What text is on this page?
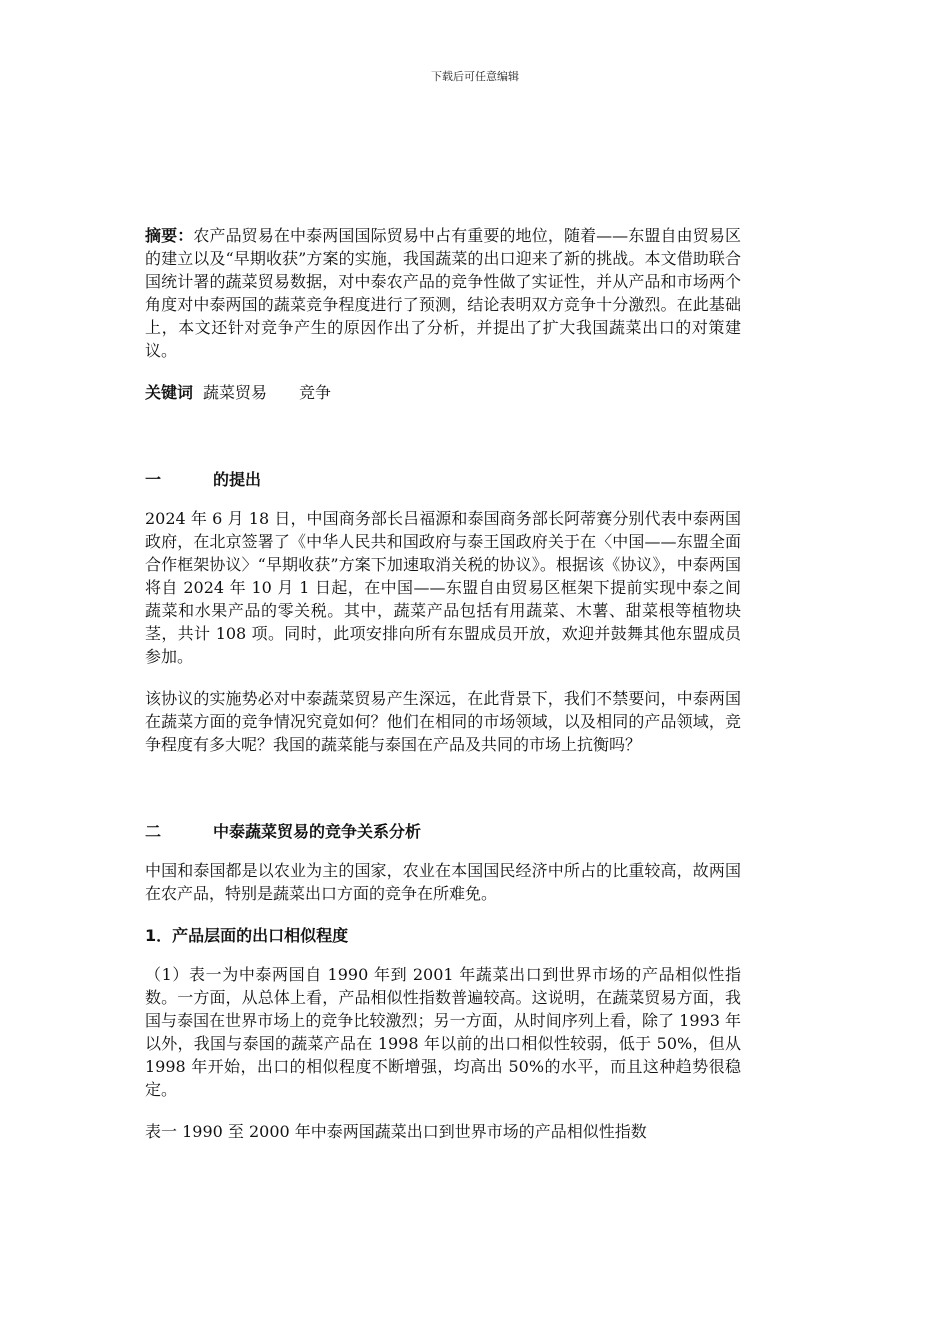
下载后可任意编辑

摘要：农产品贸易在中泰两国国际贸易中占有重要的地位，随着——东盟自由贸易区的建立以及“早期收获”方案的实施，我国蔬菜的出口迎来了新的挑战。本文借助联合国统计署的蔬菜贸易数据，对中泰农产品的竞争性做了实证性，并从产品和市场两个角度对中泰两国的蔬菜竞争程度进行了预测，结论表明双方竞争十分激烈。在此基础上，本文还针对竞争产生的原因作出了分析，并提出了扩大我国蔬菜出口的对策建议。

关键词 蔬菜贸易 竞争

一	的提出

2024 年 6 月 18 日，中国商务部长吕福源和泰国商务部长阿蒂赛分别代表中泰两国政府，在北京签署了《中华人民共和国政府与泰王国政府关于在〈中国——东盟全面合作框架协议〉“早期收获”方案下加速取消关税的协议》。根据该《协议》，中泰两国将自 2024 年 10 月 1 日起，在中国——东盟自由贸易区框架下提前实现中泰之间蔬菜和水果产品的零关税。其中，蔬菜产品包括有用蔬菜、木薯、甜菜根等植物块茎，共计 108 项。同时，此项安排向所有东盟成员开放，欢迎并鼓舞其他东盟成员参加。

该协议的实施势必对中泰蔬菜贸易产生深远，在此背景下，我们不禁要问，中泰两国在蔬菜方面的竞争情况究竟如何？他们在相同的市场领域，以及相同的产品领域，竞争程度有多大呢？我国的蔬菜能与泰国在产品及共同的市场上抗衡吗？

二	中泰蔬菜贸易的竞争关系分析

中国和泰国都是以农业为主的国家，农业在本国国民经济中所占的比重较高，故两国在农产品，特别是蔬菜出口方面的竞争在所难免。

1．产品层面的出口相似程度

（1）表一为中泰两国自 1990 年到 2001 年蔬菜出口到世界市场的产品相似性指数。一方面，从总体上看，产品相似性指数普遍较高。这说明，在蔬菜贸易方面，我国与泰国在世界市场上的竞争比较激烈；另一方面，从时间序列上看，除了 1993 年以外，我国与泰国的蔬菜产品在 1998 年以前的出口相似性较弱，低于 50%，但从 1998 年开始，出口的相似程度不断增强，均高出 50%的水平，而且这种趋势很稳定。

表一 1990 至 2000 年中泰两国蔬菜出口到世界市场的产品相似性指数
